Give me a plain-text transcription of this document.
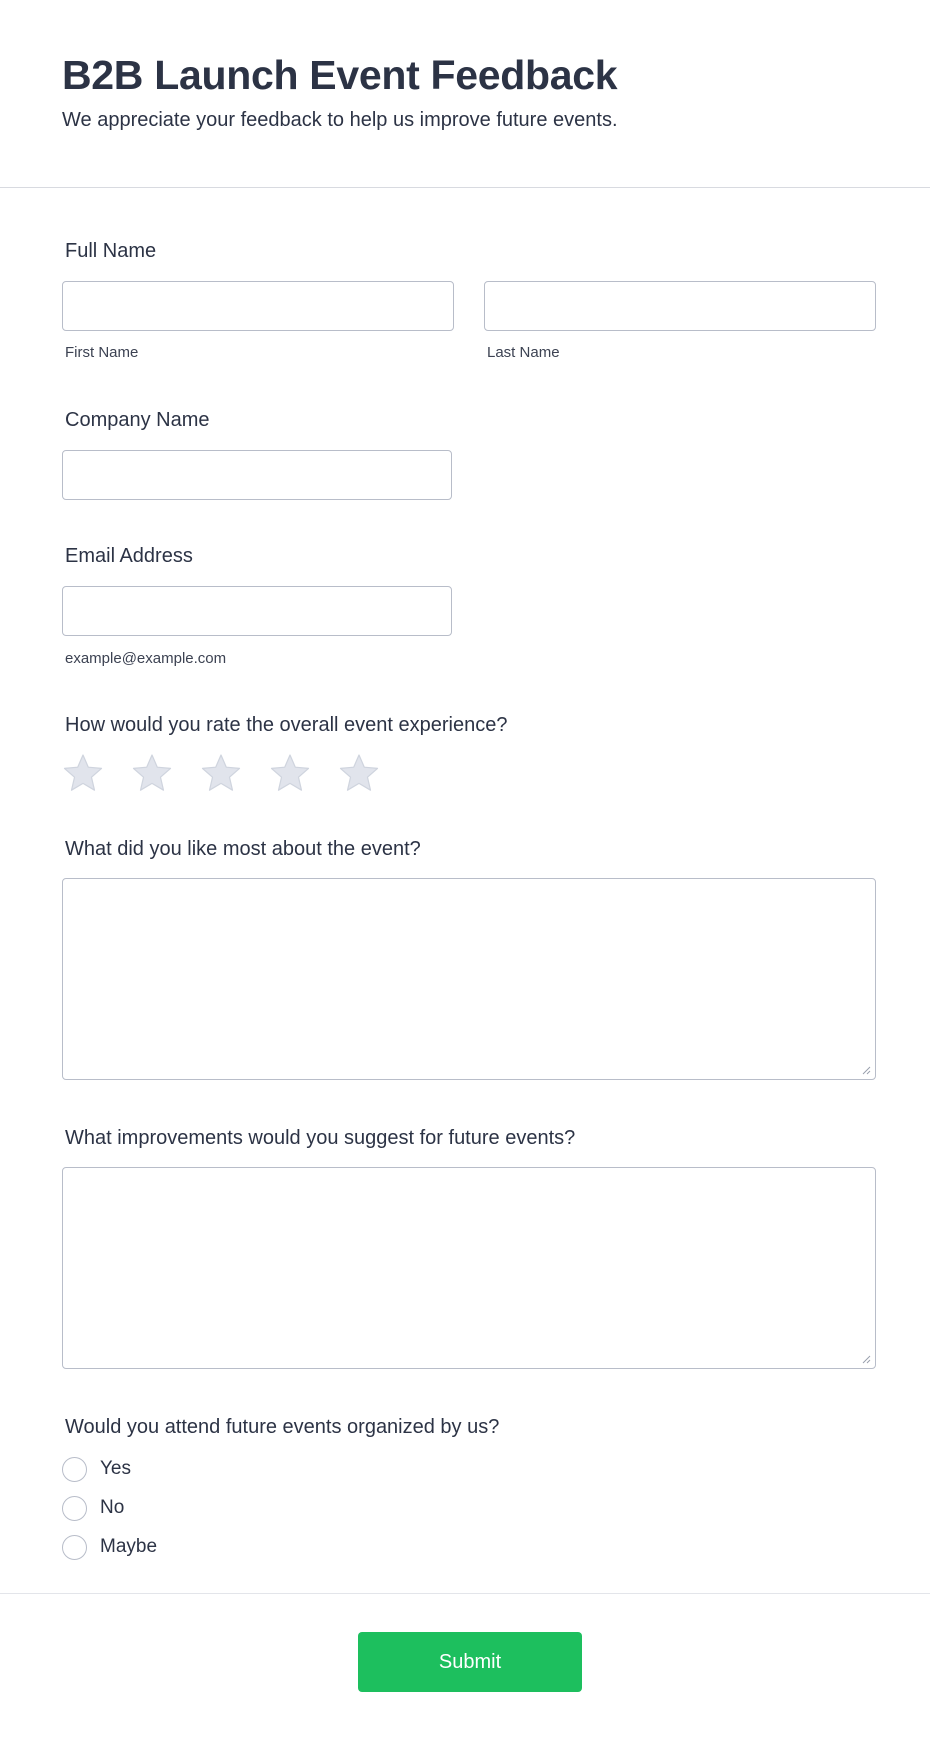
B2B Launch Event Feedback
We appreciate your feedback to help us improve future events.
Full Name
First Name	Last Name
Company Name
Email Address
example@example.com
How would you rate the overall event experience?
What did you like most about the event?
What improvements would you suggest for future events?
Would you attend future events organized by us?
Yes
No
Maybe
Submit
